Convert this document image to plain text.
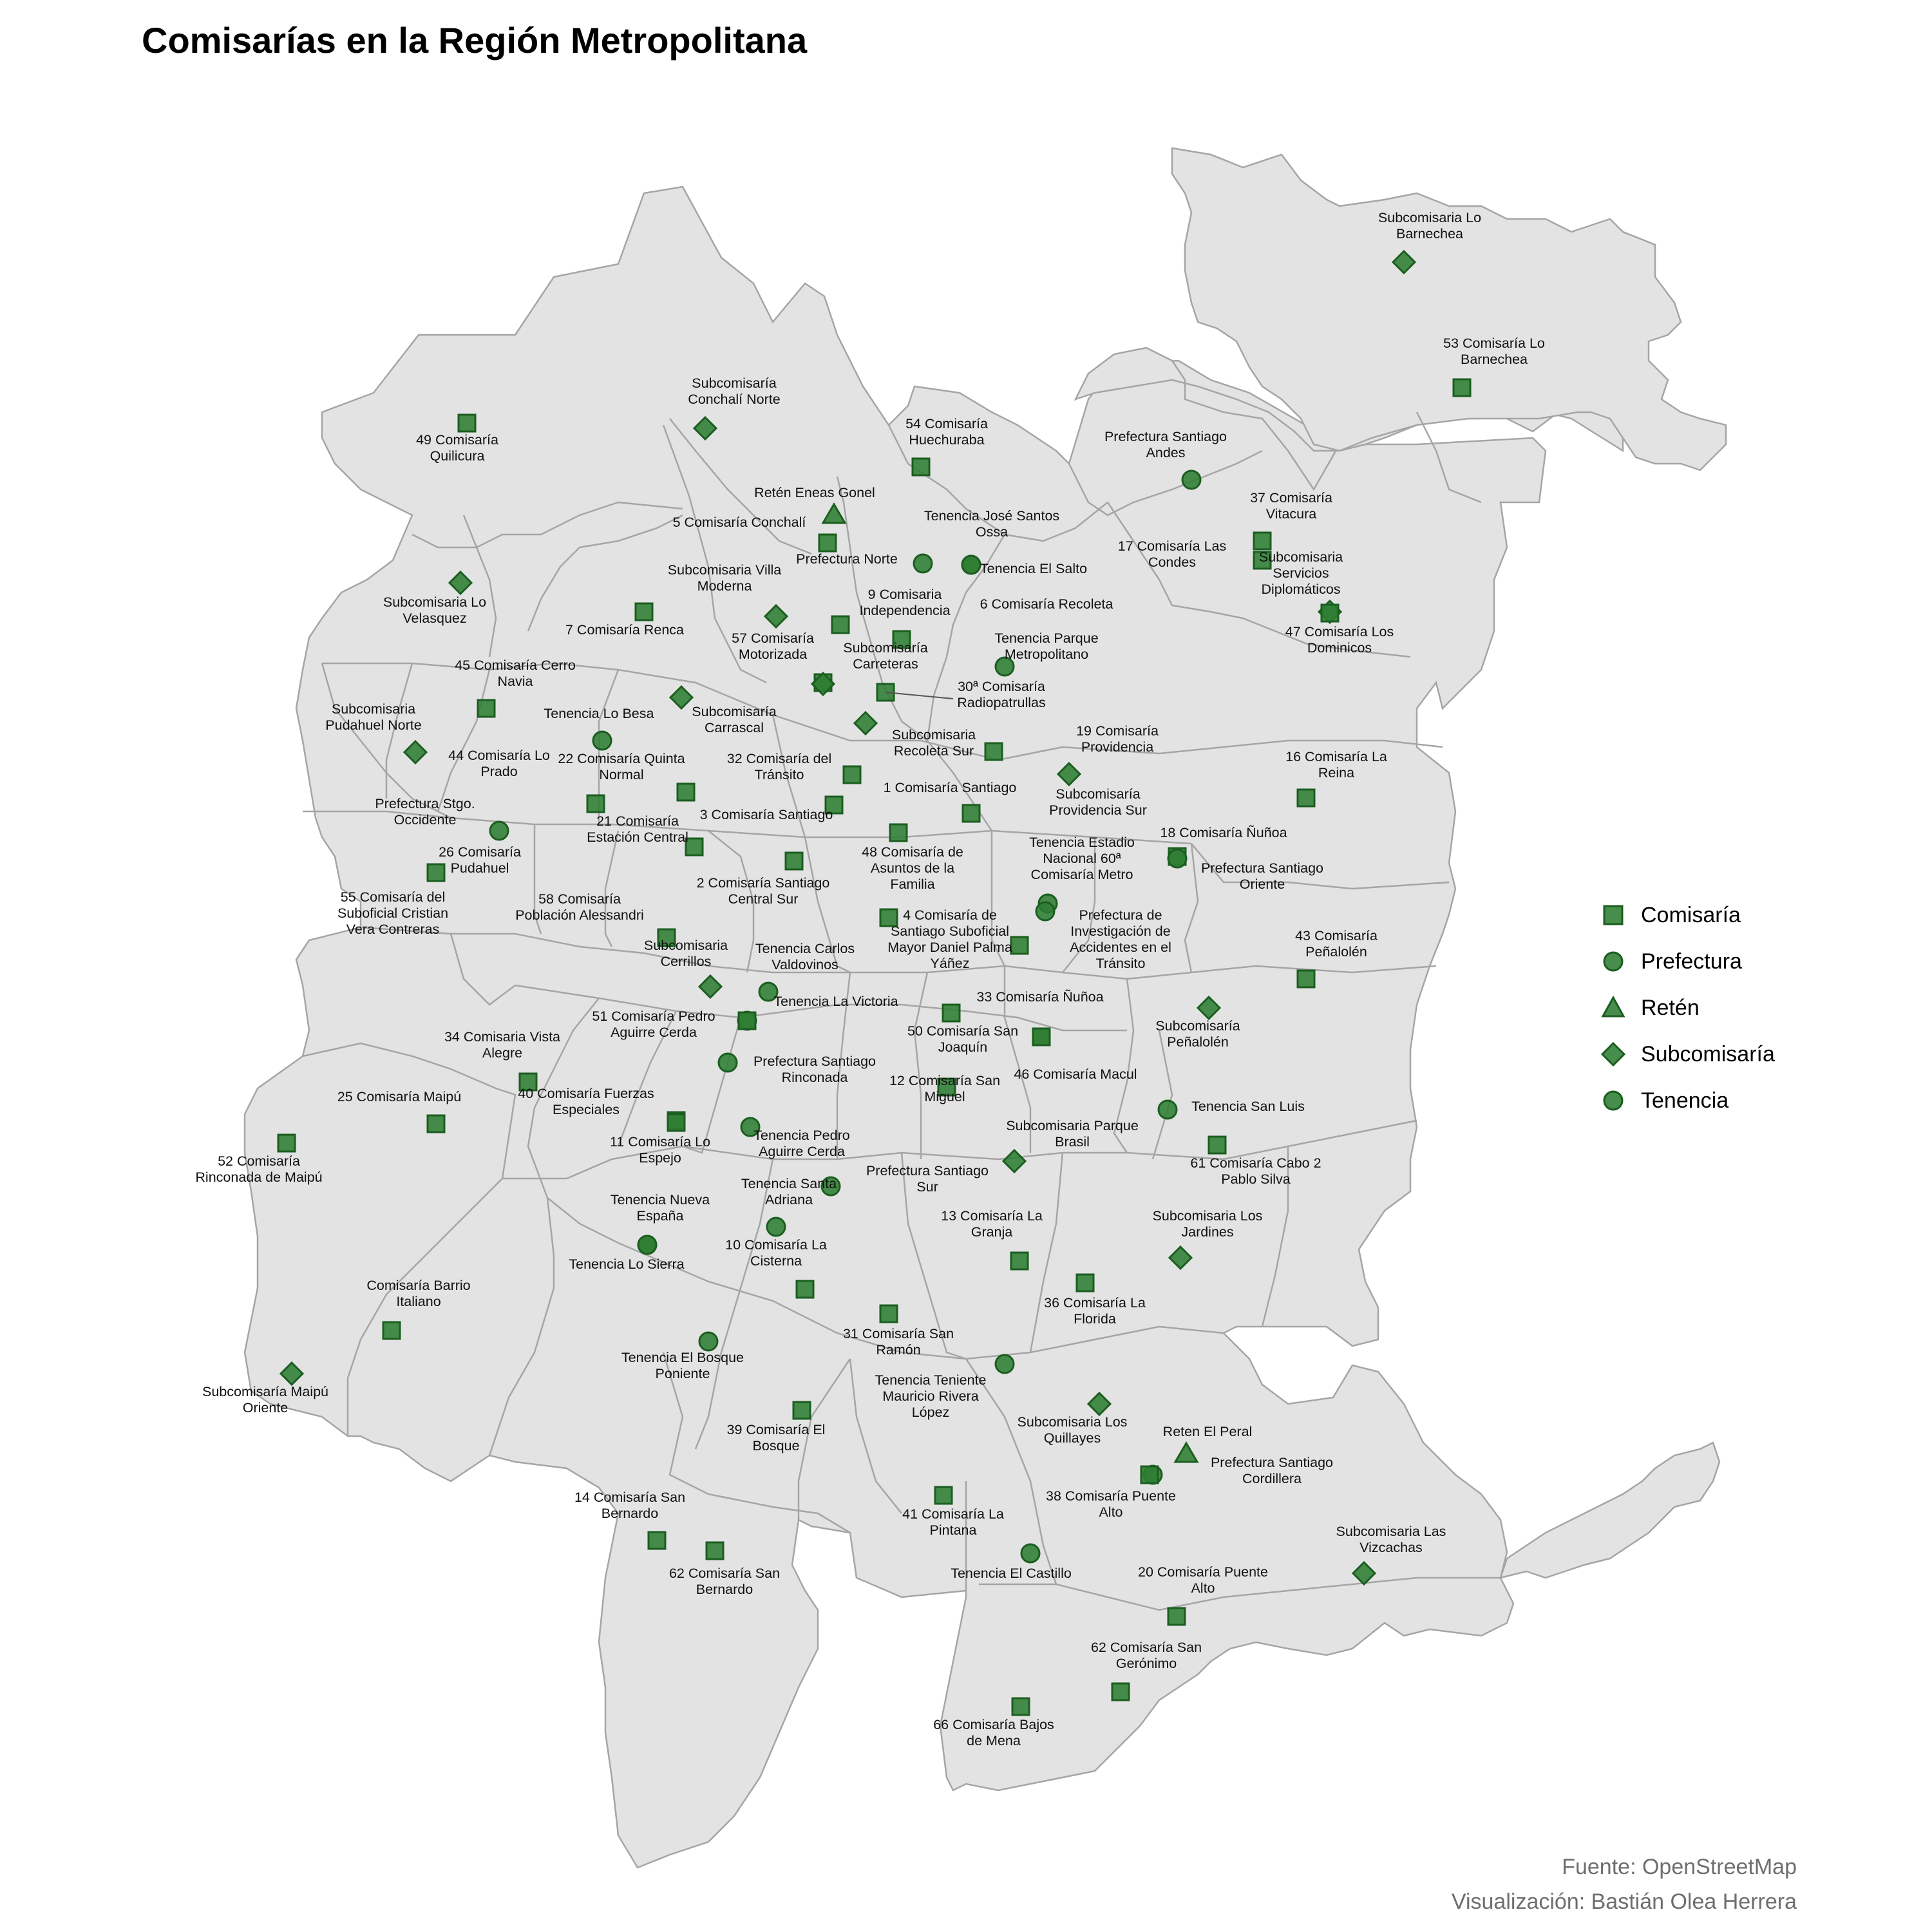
Comisarías en la Región Metropolitana
Subcomisaria Lo Barnechea
53 Comisaría Lo Barnechea
Prefectura Santiago Andes
37 Comisaría Vitacura
17 Comisaría Las Condes	Subcomisaria Servicios Diplomáticos
47 Comisaría Los Dominicos
49 Comisaría Quilicura
Subcomisaría Conchalí Norte
54 Comisaría Huechuraba
Retén Eneas Gonel
5 Comisaría Conchalí	Tenencia José Santos Ossa
Prefectura Norte
Tenencia El Salto
Subcomisaria Lo Velasquez
Subcomisaria Villa Moderna
9 Comisaria Independencia 6 Comisaría Recoleta
7 Comisaría Renca
57 Comisaría Motorizada	Subcomisaría Carreteras
Tenencia Parque Metropolitano
30ª Comisaría Radiopatrullas
45 Comisaría Cerro Navia
Tenencia Lo Besa	Subcomisaría Carrascal
Subcomisaria Pudahuel Norte
44 Comisaría Lo Prado
22 Comisaría Quinta Normal
32 Comisaría del Tránsito
Subcomisaria Recoleta Sur
19 Comisaría Providencia
16 Comisaría La Reina
1 Comisaría Santiago	Subcomisaría Providencia Sur
Prefectura Stgo. Occidente	21 Comisaría Estación Central
3 Comisaría Santiago
18 Comisaría Ñuñoa
26 Comisaría Pudahuel
Tenencia Estadio Nacional 60ª Comisaría Metro
48 Comisaría de Asuntos de la Familia
Prefectura Santiago Oriente
2 Comisaría Santiago Central Sur
55 Comisaría del Suboficial Cristian Vera Contreras
58 Comisaría Población Alessandri	4 Comisaría de Santiago Suboficial Mayor Daniel Palma Yáñez
Prefectura de Investigación de Accidentes en el Tránsito
43 Comisaría Peñalolén
Subcomisaria Cerrillos
Tenencia Carlos Valdovinos
Tenencia La Victoria	33 Comisaría Ñuñoa
51 Comisaría Pedro Aguirre Cerda	50 Comisaría San Joaquín
Subcomisaría Peñalolén
34 Comisaria Vista Alegre
Prefectura Santiago Rinconada	46 Comisaría Macul
25 Comisaría Maipú	40 Comisaría Fuerzas Especiales
12 Comisaría San Miguel
Tenencia San Luis
52 Comisaría Rinconada de Maipú
11 Comisaría Lo Espejo
Tenencia Pedro Aguirre Cerda
Subcomisaria Parque Brasil
61 Comisaría Cabo 2 Pablo Silva
Prefectura Santiago Sur
Tenencia Santa Adriana
Tenencia Nueva España	Subcomisaria Los Jardines
13 Comisaría La Granja
10 Comisaría La Cisterna
Tenencia Lo Sierra
Comisaría Barrio Italiano	36 Comisaría La Florida
31 Comisaría San Ramón
Tenencia El Bosque Poniente	Tenencia Teniente Mauricio Rivera López
Subcomisaría Maipú Oriente
Subcomisaria Los Quillayes	Reten El Peral
39 Comisaría El Bosque
Prefectura Santiago Cordillera
38 Comisaría Puente Alto
14 Comisaría San Bernardo	41 Comisaría La Pintana	Subcomisaria Las Vizcachas
62 Comisaría San Bernardo
Tenencia El Castillo	20 Comisaría Puente Alto
62 Comisaría San Gerónimo
66 Comisaría Bajos de Mena
Comisaría
Prefectura
Retén
Subcomisaría
Tenencia
Fuente: OpenStreetMap
Visualización: Bastián Olea Herrera
